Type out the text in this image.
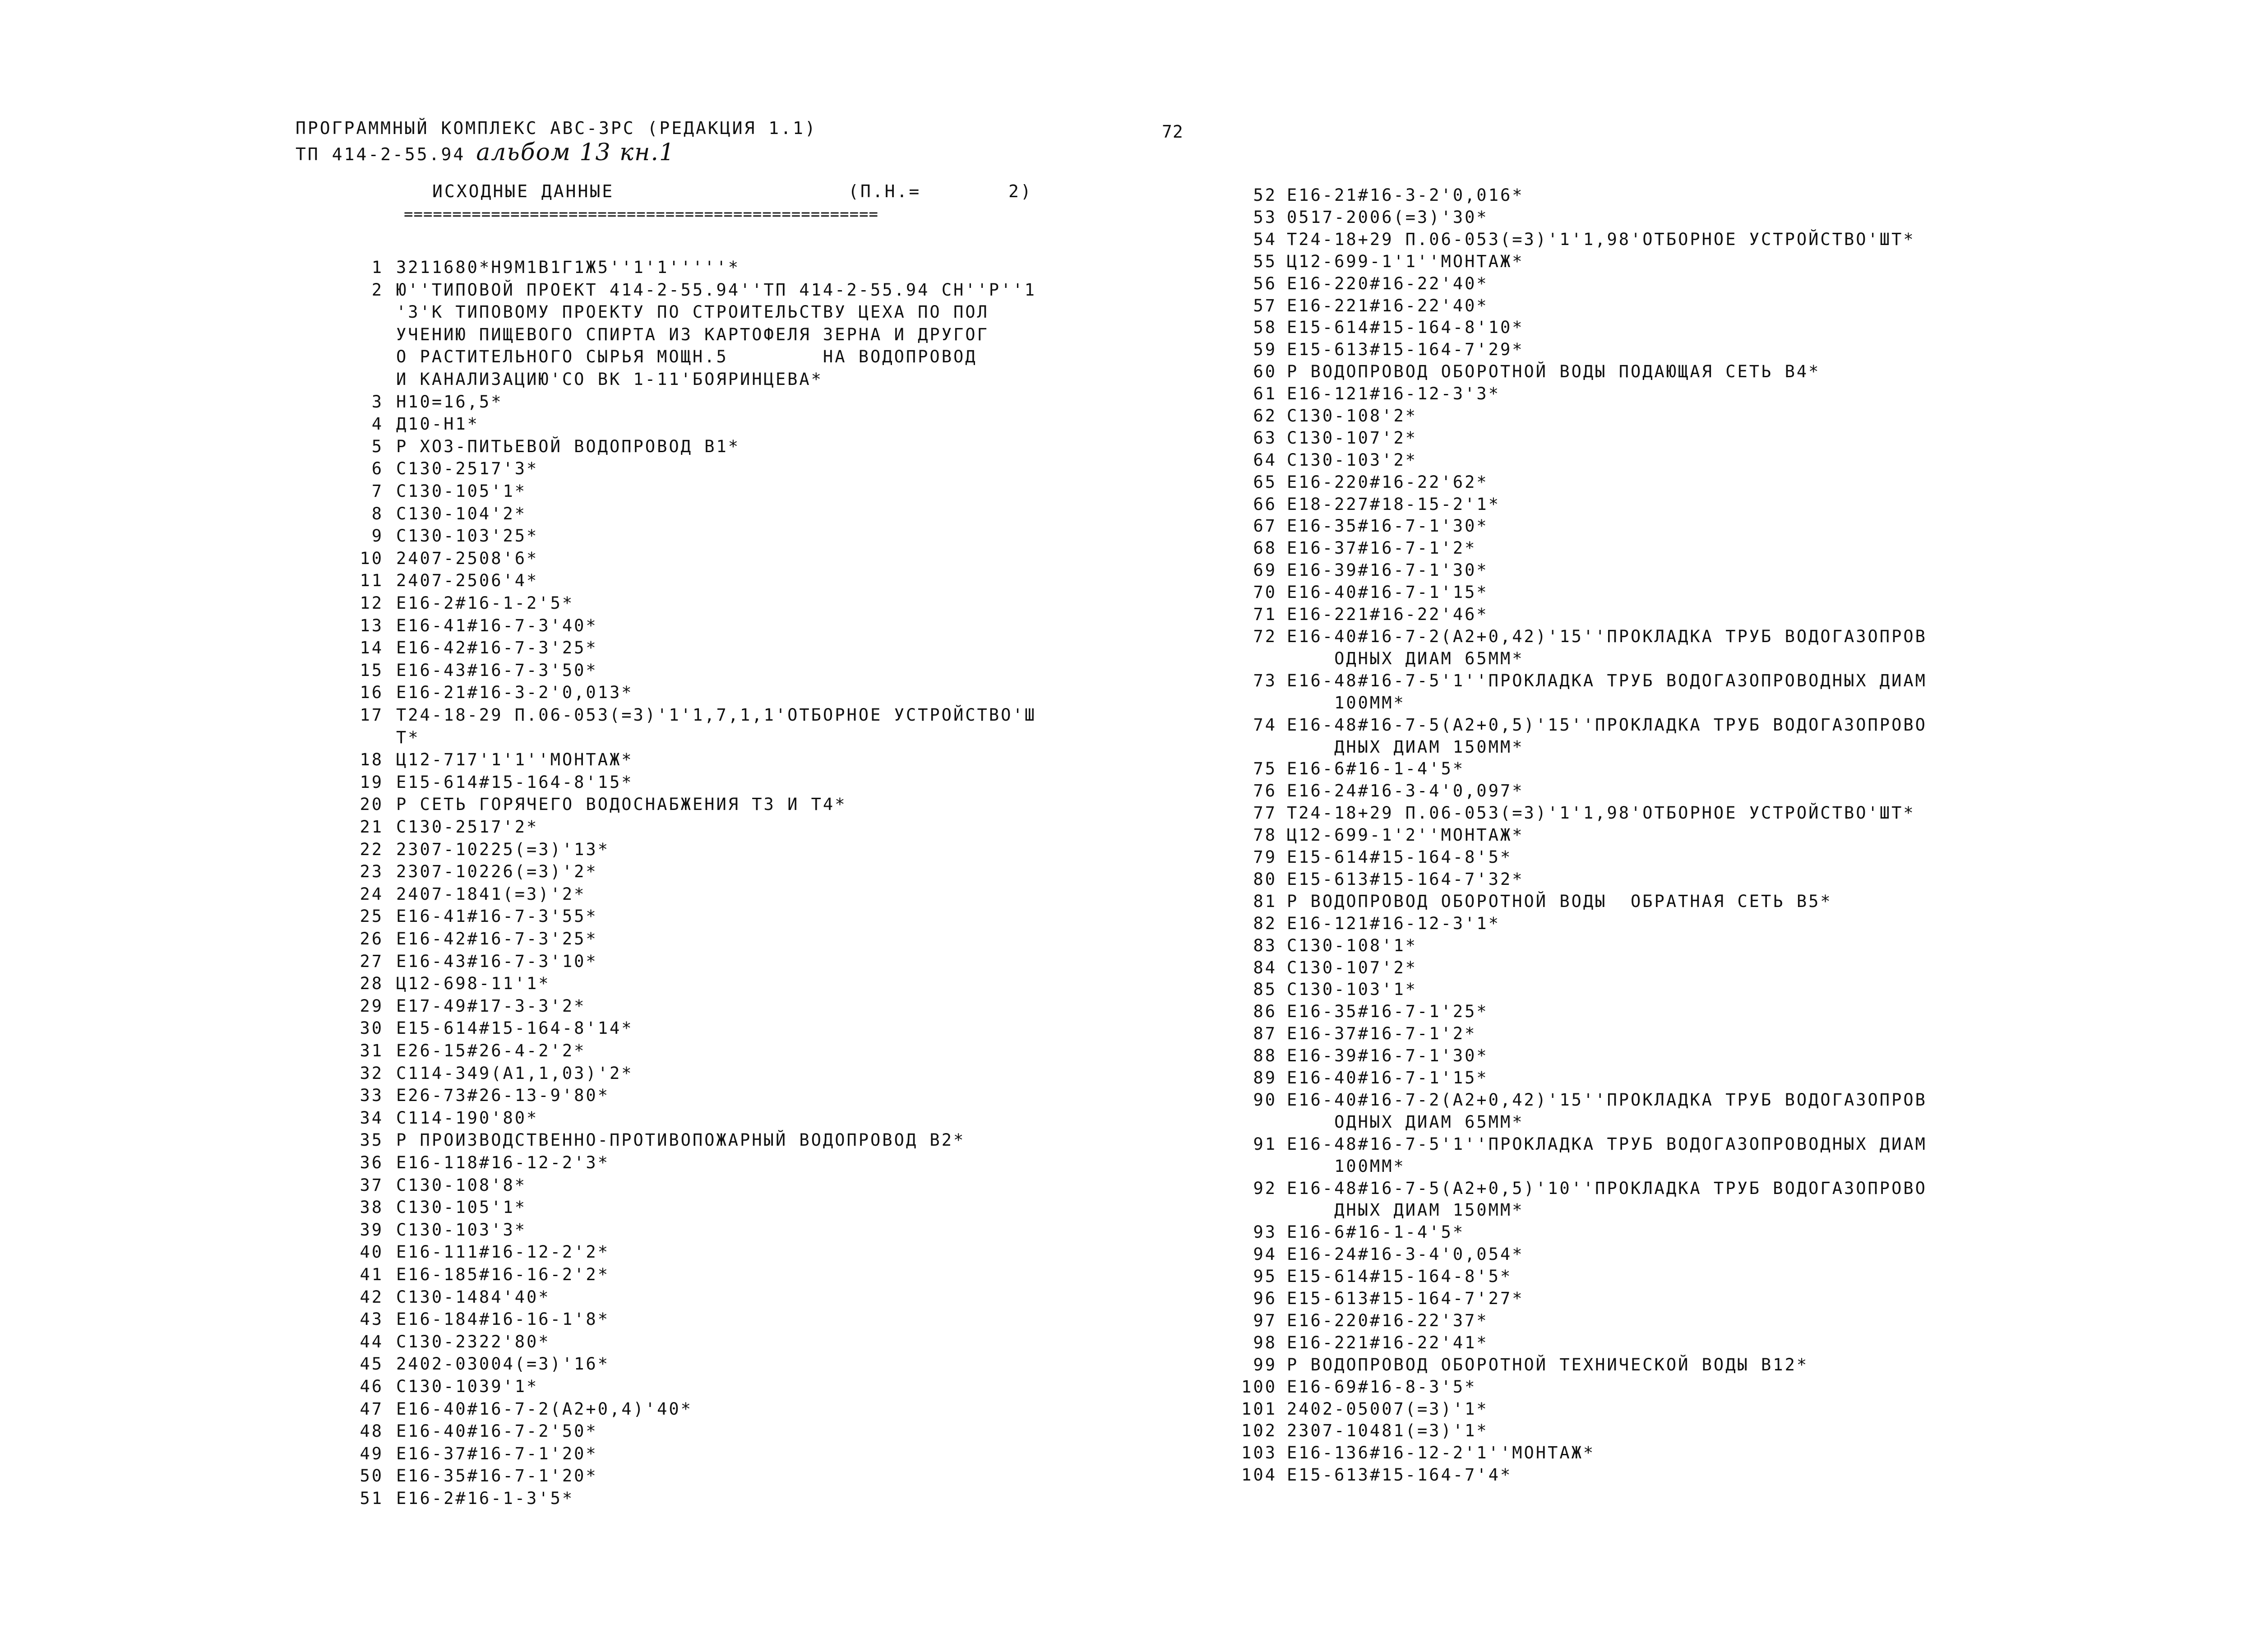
ПРОГРАММНЫЙ КОМПЛЕКС АВС-ЗРС (РЕДАКЦИЯ 1.1)
ТП 414-2-55.94 альбом 13 кн.1
72
ИСХОДНЫЕ ДАННЫЕ	(П.Н.=	2)
=================================================
1 3211680*Н9М1В1Г1Ж5''1'1'''''*
2 Ю''ТИПОВОЙ ПРОЕКТ 414-2-55.94''ТП 414-2-55.94 СН''Р''1
'3'К ТИПОВОМУ ПРОЕКТУ ПО СТРОИТЕЛЬСТВУ ЦЕХА ПО ПОЛ
УЧЕНИЮ ПИЩЕВОГО СПИРТА ИЗ КАРТОФЕЛЯ ЗЕРНА И ДРУГОГ
О РАСТИТЕЛЬНОГО СЫРЬЯ МОЩН.5        НА ВОДОПРОВОД
И КАНАЛИЗАЦИЮ'СО ВК 1-11'БОЯРИНЦЕВА*
3 Н10=16,5*
4 Д10-Н1*
5 Р ХОЗ-ПИТЬЕВОЙ ВОДОПРОВОД В1*
6 С130-2517'3*
7 С130-105'1*
8 С130-104'2*
9 С130-103'25*
10 2407-2508'6*
11 2407-2506'4*
12 Е16-2#16-1-2'5*
13 Е16-41#16-7-3'40*
14 Е16-42#16-7-3'25*
15 Е16-43#16-7-3'50*
16 Е16-21#16-3-2'0,013*
17 Т24-18-29 П.06-053(=3)'1'1,7,1,1'ОТБОРНОЕ УСТРОЙСТВО'Ш
Т*
18 Ц12-717'1'1''МОНТАЖ*
19 Е15-614#15-164-8'15*
20 Р СЕТЬ ГОРЯЧЕГО ВОДОСНАБЖЕНИЯ Т3 И Т4*
21 С130-2517'2*
22 2307-10225(=3)'13*
23 2307-10226(=3)'2*
24 2407-1841(=3)'2*
25 Е16-41#16-7-3'55*
26 Е16-42#16-7-3'25*
27 Е16-43#16-7-3'10*
28 Ц12-698-11'1*
29 Е17-49#17-3-3'2*
30 Е15-614#15-164-8'14*
31 Е26-15#26-4-2'2*
32 С114-349(А1,1,03)'2*
33 Е26-73#26-13-9'80*
34 С114-190'80*
35 Р ПРОИЗВОДСТВЕННО-ПРОТИВОПОЖАРНЫЙ ВОДОПРОВОД В2*
36 Е16-118#16-12-2'3*
37 С130-108'8*
38 С130-105'1*
39 С130-103'3*
40 Е16-111#16-12-2'2*
41 Е16-185#16-16-2'2*
42 С130-1484'40*
43 Е16-184#16-16-1'8*
44 С130-2322'80*
45 2402-03004(=3)'16*
46 С130-1039'1*
47 Е16-40#16-7-2(А2+0,4)'40*
48 Е16-40#16-7-2'50*
49 Е16-37#16-7-1'20*
50 Е16-35#16-7-1'20*
51 Е16-2#16-1-3'5*
52 Е16-21#16-3-2'0,016*
53 0517-2006(=3)'30*
54 Т24-18+29 П.06-053(=3)'1'1,98'ОТБОРНОЕ УСТРОЙСТВО'ШТ*
55 Ц12-699-1'1''МОНТАЖ*
56 Е16-220#16-22'40*
57 Е16-221#16-22'40*
58 Е15-614#15-164-8'10*
59 Е15-613#15-164-7'29*
60 Р ВОДОПРОВОД ОБОРОТНОЙ ВОДЫ ПОДАЮЩАЯ СЕТЬ В4*
61 Е16-121#16-12-3'3*
62 С130-108'2*
63 С130-107'2*
64 С130-103'2*
65 Е16-220#16-22'62*
66 Е18-227#18-15-2'1*
67 Е16-35#16-7-1'30*
68 Е16-37#16-7-1'2*
69 Е16-39#16-7-1'30*
70 Е16-40#16-7-1'15*
71 Е16-221#16-22'46*
72 Е16-40#16-7-2(А2+0,42)'15''ПРОКЛАДКА ТРУБ ВОДОГАЗОПРОВ
ОДНЫХ ДИАМ 65ММ*
73 Е16-48#16-7-5'1''ПРОКЛАДКА ТРУБ ВОДОГАЗОПРОВОДНЫХ ДИАМ
100ММ*
74 Е16-48#16-7-5(А2+0,5)'15''ПРОКЛАДКА ТРУБ ВОДОГАЗОПРОВО
ДНЫХ ДИАМ 150ММ*
75 Е16-6#16-1-4'5*
76 Е16-24#16-3-4'0,097*
77 Т24-18+29 П.06-053(=3)'1'1,98'ОТБОРНОЕ УСТРОЙСТВО'ШТ*
78 Ц12-699-1'2''МОНТАЖ*
79 Е15-614#15-164-8'5*
80 Е15-613#15-164-7'32*
81 Р ВОДОПРОВОД ОБОРОТНОЙ ВОДЫ  ОБРАТНАЯ СЕТЬ В5*
82 Е16-121#16-12-3'1*
83 С130-108'1*
84 С130-107'2*
85 С130-103'1*
86 Е16-35#16-7-1'25*
87 Е16-37#16-7-1'2*
88 Е16-39#16-7-1'30*
89 Е16-40#16-7-1'15*
90 Е16-40#16-7-2(А2+0,42)'15''ПРОКЛАДКА ТРУБ ВОДОГАЗОПРОВ
ОДНЫХ ДИАМ 65ММ*
91 Е16-48#16-7-5'1''ПРОКЛАДКА ТРУБ ВОДОГАЗОПРОВОДНЫХ ДИАМ
100ММ*
92 Е16-48#16-7-5(А2+0,5)'10''ПРОКЛАДКА ТРУБ ВОДОГАЗОПРОВО
ДНЫХ ДИАМ 150ММ*
93 Е16-6#16-1-4'5*
94 Е16-24#16-3-4'0,054*
95 Е15-614#15-164-8'5*
96 Е15-613#15-164-7'27*
97 Е16-220#16-22'37*
98 Е16-221#16-22'41*
99 Р ВОДОПРОВОД ОБОРОТНОЙ ТЕХНИЧЕСКОЙ ВОДЫ В12*
100 Е16-69#16-8-3'5*
101 2402-05007(=3)'1*
102 2307-10481(=3)'1*
103 Е16-136#16-12-2'1''МОНТАЖ*
104 Е15-613#15-164-7'4*
